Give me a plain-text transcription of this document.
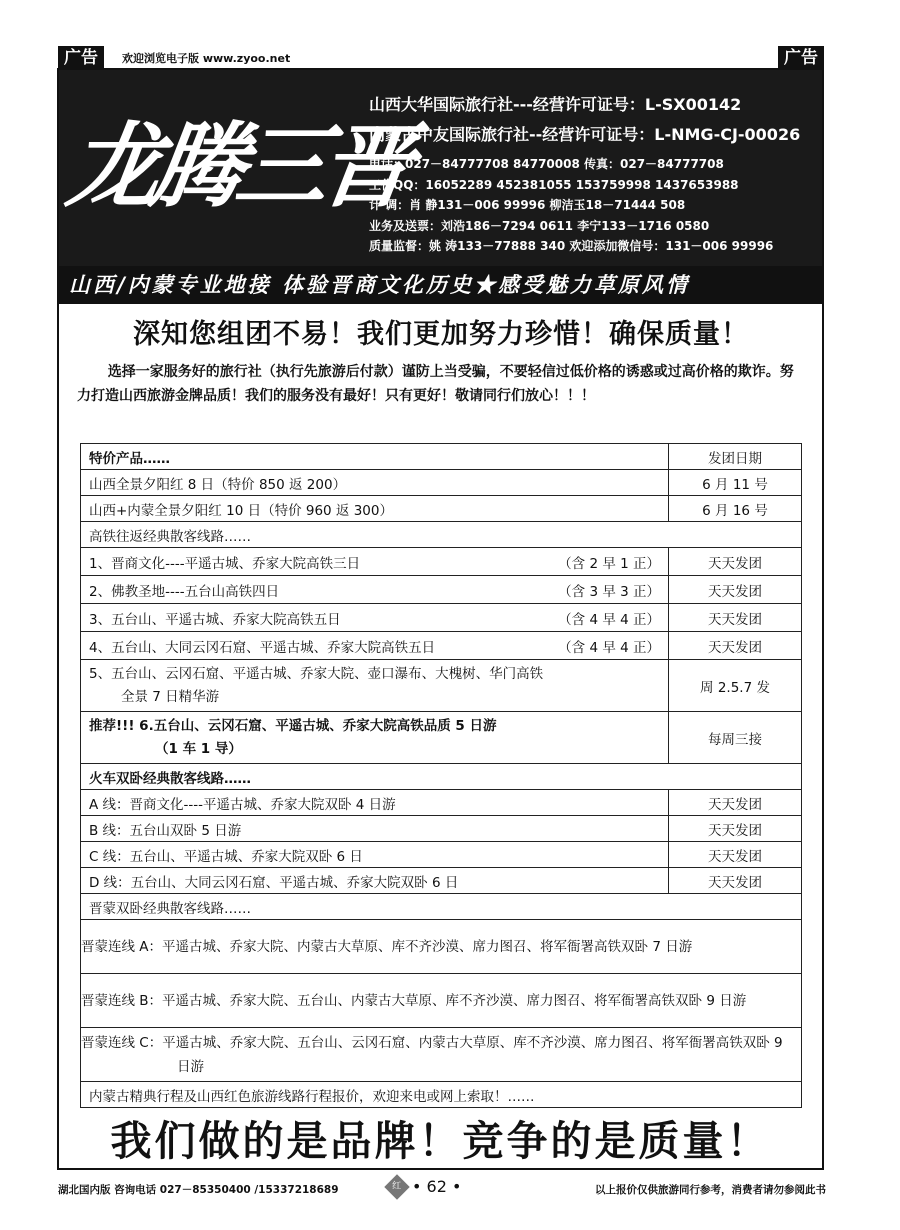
广告	欢迎浏览电子版 www.zyoo.net	广告
龙腾三晋
山西大华国际旅行社---经营许可证号：L-SX00142
内蒙古中友国际旅行社--经营许可证号：L-NMG-CJ-00026
电话：027－84777708 84770008 传真：027－84777708
工作QQ：16052289 452381055 153759998 1437653988
计 调：肖 静131－006 99996 柳洁玉18－71444 508
业务及送票：刘浩186－7294 0611 李宁133－1716 0580
质量监督：姚 涛133－77888 340 欢迎添加微信号：131－006 99996
山西/内蒙专业地接 体验晋商文化历史★感受魅力草原风情
深知您组团不易！我们更加努力珍惜！确保质量！
选择一家服务好的旅行社（执行先旅游后付款）谨防上当受骗，不要轻信过低价格的诱惑或过高价格的欺诈。努力打造山西旅游金牌品质！我们的服务没有最好！只有更好！敬请同行们放心！！！
特价产品……	发团日期
山西全景夕阳红 8 日（特价 850 返 200）	6 月 11 号
山西+内蒙全景夕阳红 10 日（特价 960 返 300）	6 月 16 号
高铁往返经典散客线路……	

1、晋商文化----平遥古城、乔家大院高铁三日 （含 2 早 1 正）	天天发团

2、佛教圣地----五台山高铁四日 （含 3 早 3 正）	天天发团

3、五台山、平遥古城、乔家大院高铁五日 （含 4 早 4 正）	天天发团

4、五台山、大同云冈石窟、平遥古城、乔家大院高铁五日 （含 4 早 4 正）	天天发团

5、五台山、云冈石窟、平遥古城、乔家大院、壶口瀑布、大槐树、华门高铁
全景 7 日精华游	周 2.5.7 发

推荐!!! 6.五台山、云冈石窟、平遥古城、乔家大院高铁品质 5 日游
（1 车 1 导）	每周三接
火车双卧经典散客线路……	
A 线：晋商文化----平遥古城、乔家大院双卧 4 日游	天天发团
B 线：五台山双卧 5 日游	天天发团
C 线：五台山、平遥古城、乔家大院双卧 6 日	天天发团
D 线：五台山、大同云冈石窟、平遥古城、乔家大院双卧 6 日	天天发团
晋蒙双卧经典散客线路……	
晋蒙连线 A：平遥古城、乔家大院、内蒙古大草原、库不齐沙漠、席力图召、将军衙署高铁双卧 7 日游	
晋蒙连线 B：平遥古城、乔家大院、五台山、内蒙古大草原、库不齐沙漠、席力图召、将军衙署高铁双卧 9 日游	
晋蒙连线 C：平遥古城、乔家大院、五台山、云冈石窟、内蒙古大草原、库不齐沙漠、席力图召、将军衙署高铁双卧 9 日游	
内蒙古精典行程及山西红色旅游线路行程报价，欢迎来电或网上索取！……	
我们做的是品牌！竞争的是质量！
湖北国内版 咨询电话 027－85350400 /15337218689	红 • 62 •	以上报价仅供旅游同行参考，消费者请勿参阅此书
